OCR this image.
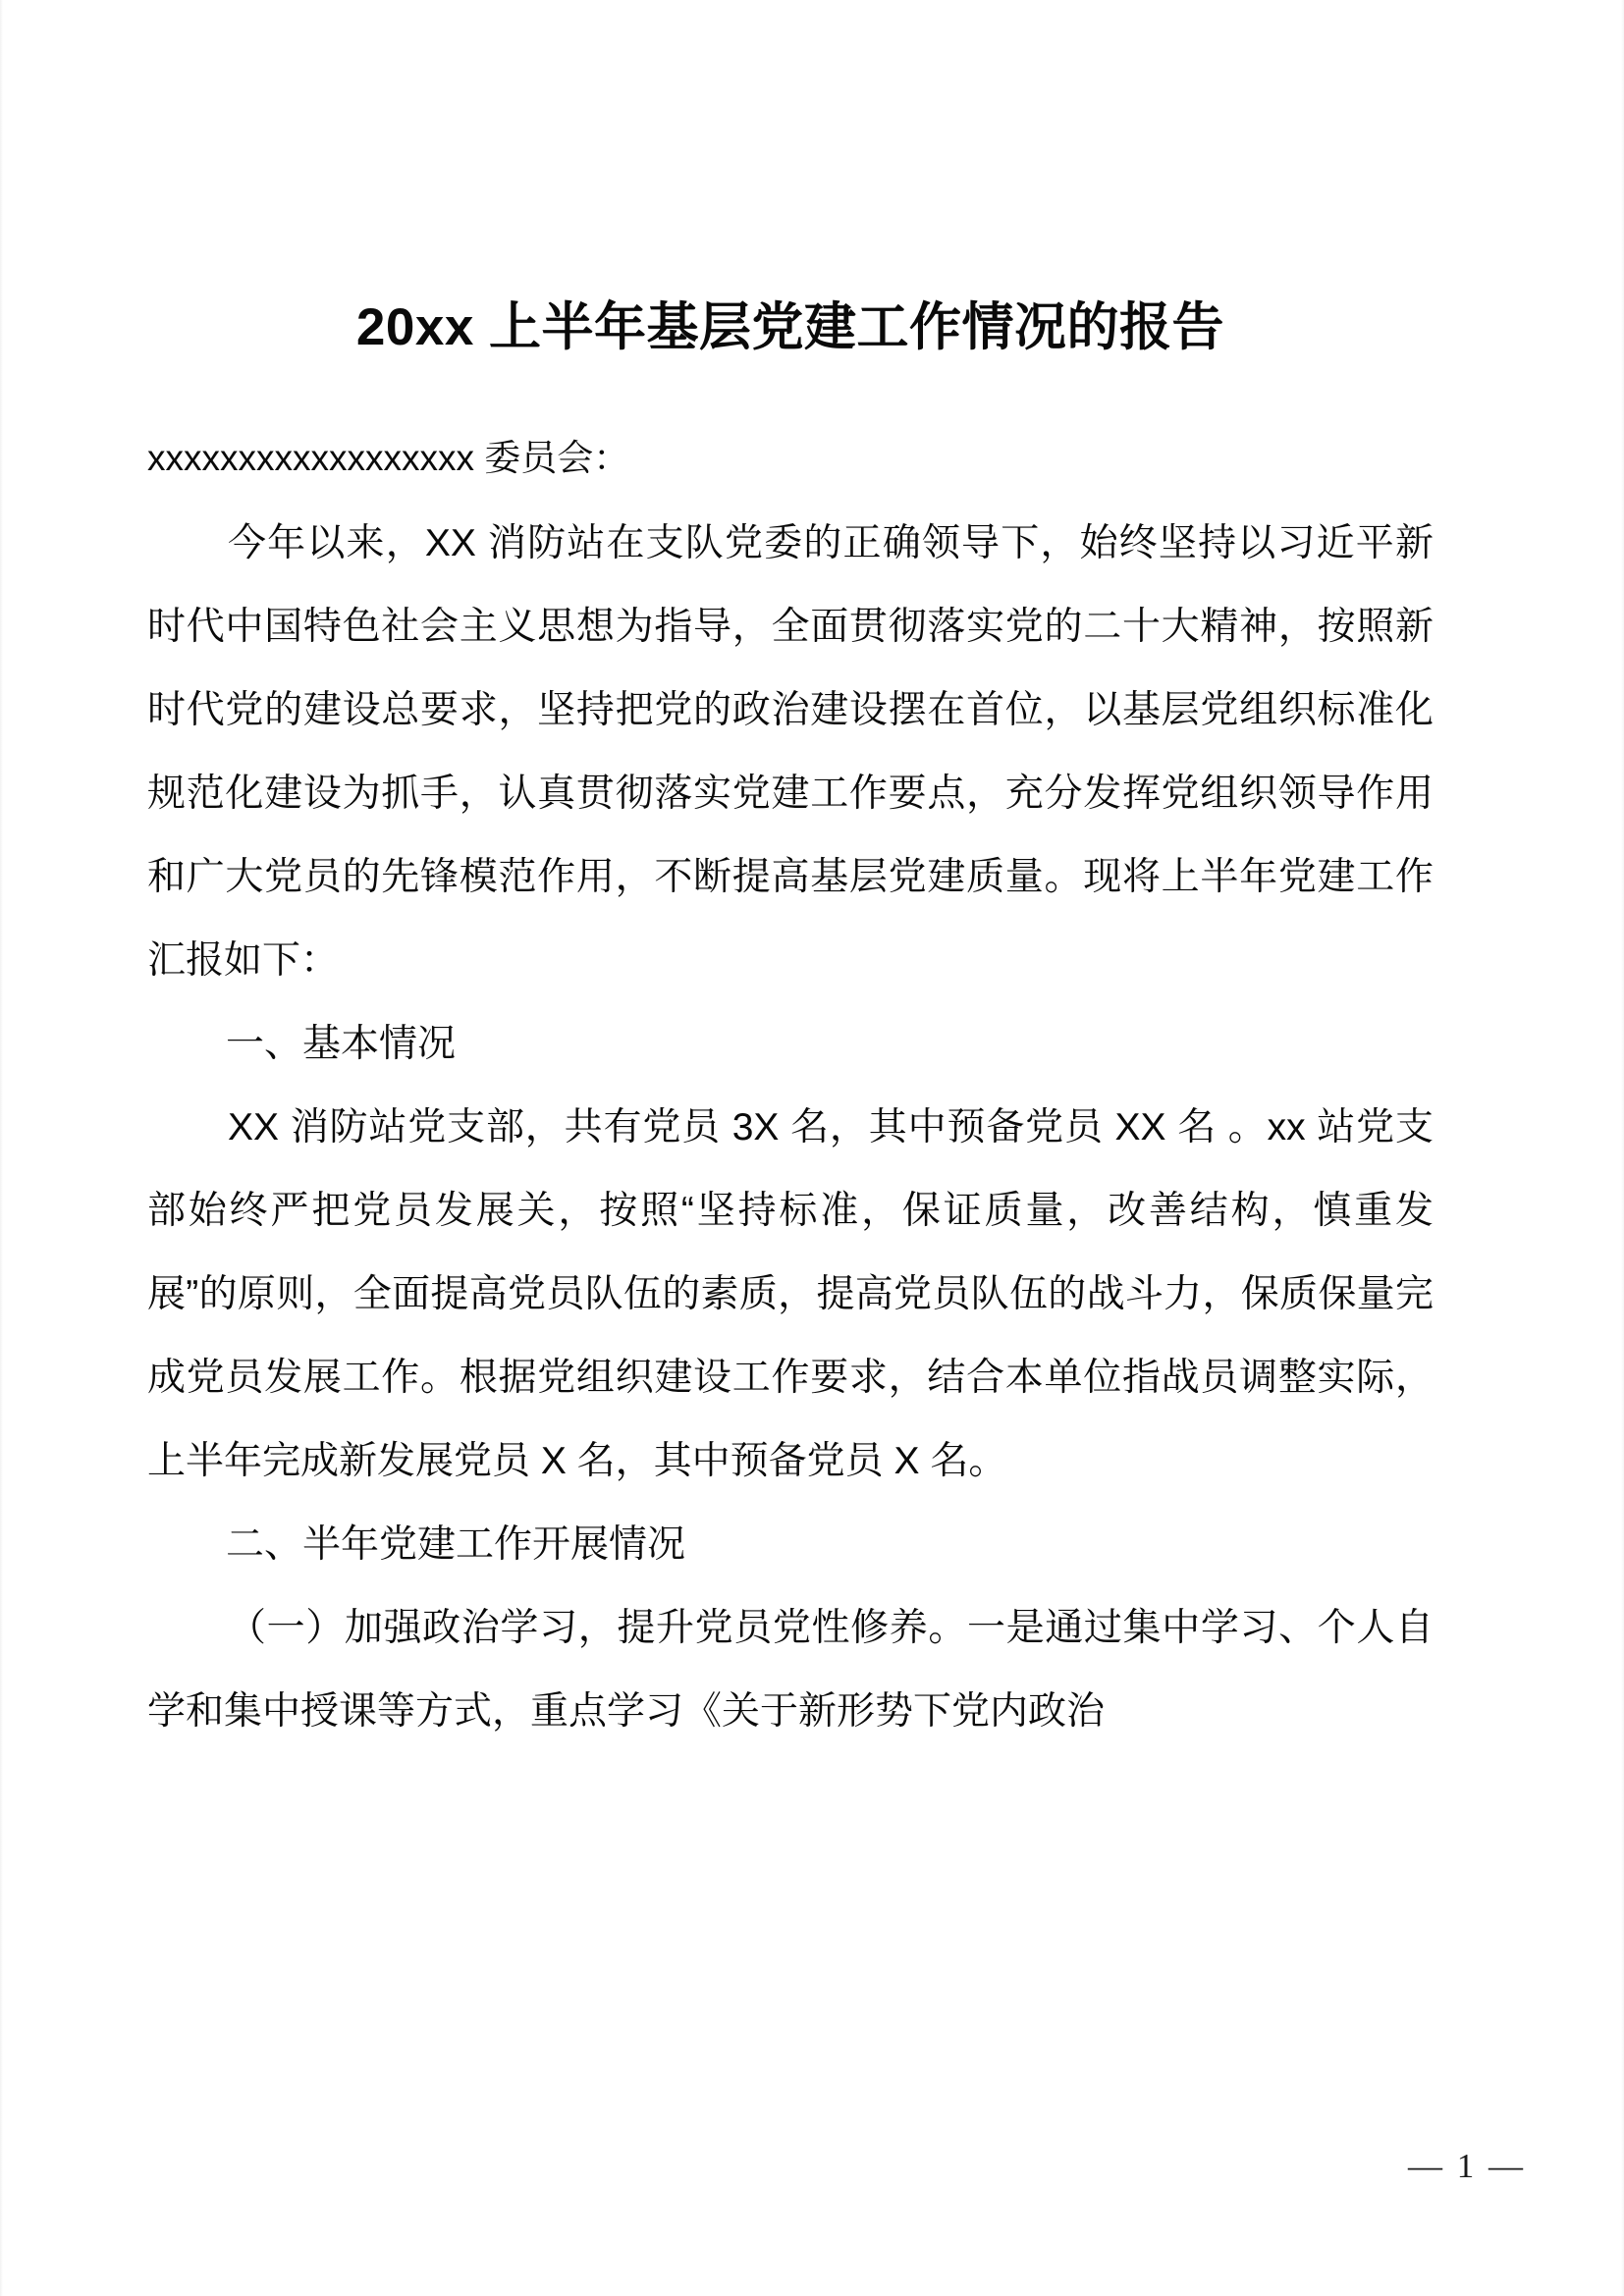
20xx 上半年基层党建工作情况的报告

xxxxxxxxxxxxxxxxxx 委员会：

今年以来，XX 消防站在支队党委的正确领导下，始终坚持以习近平新时代中国特色社会主义思想为指导，全面贯彻落实党的二十大精神，按照新时代党的建设总要求，坚持把党的政治建设摆在首位，以基层党组织标准化规范化建设为抓手，认真贯彻落实党建工作要点，充分发挥党组织领导作用和广大党员的先锋模范作用，不断提高基层党建质量。现将上半年党建工作汇报如下：

一、基本情况

XX 消防站党支部，共有党员 3X 名，其中预备党员 XX 名 。xx 站党支部始终严把党员发展关，按照“坚持标准，保证质量，改善结构，慎重发展”的原则，全面提高党员队伍的素质，提高党员队伍的战斗力，保质保量完成党员发展工作。根据党组织建设工作要求，结合本单位指战员调整实际，上半年完成新发展党员 X 名，其中预备党员 X 名。

二、半年党建工作开展情况

（一）加强政治学习，提升党员党性修养。一是通过集中学习、个人自学和集中授课等方式，重点学习《关于新形势下党内政治

— 1 —
